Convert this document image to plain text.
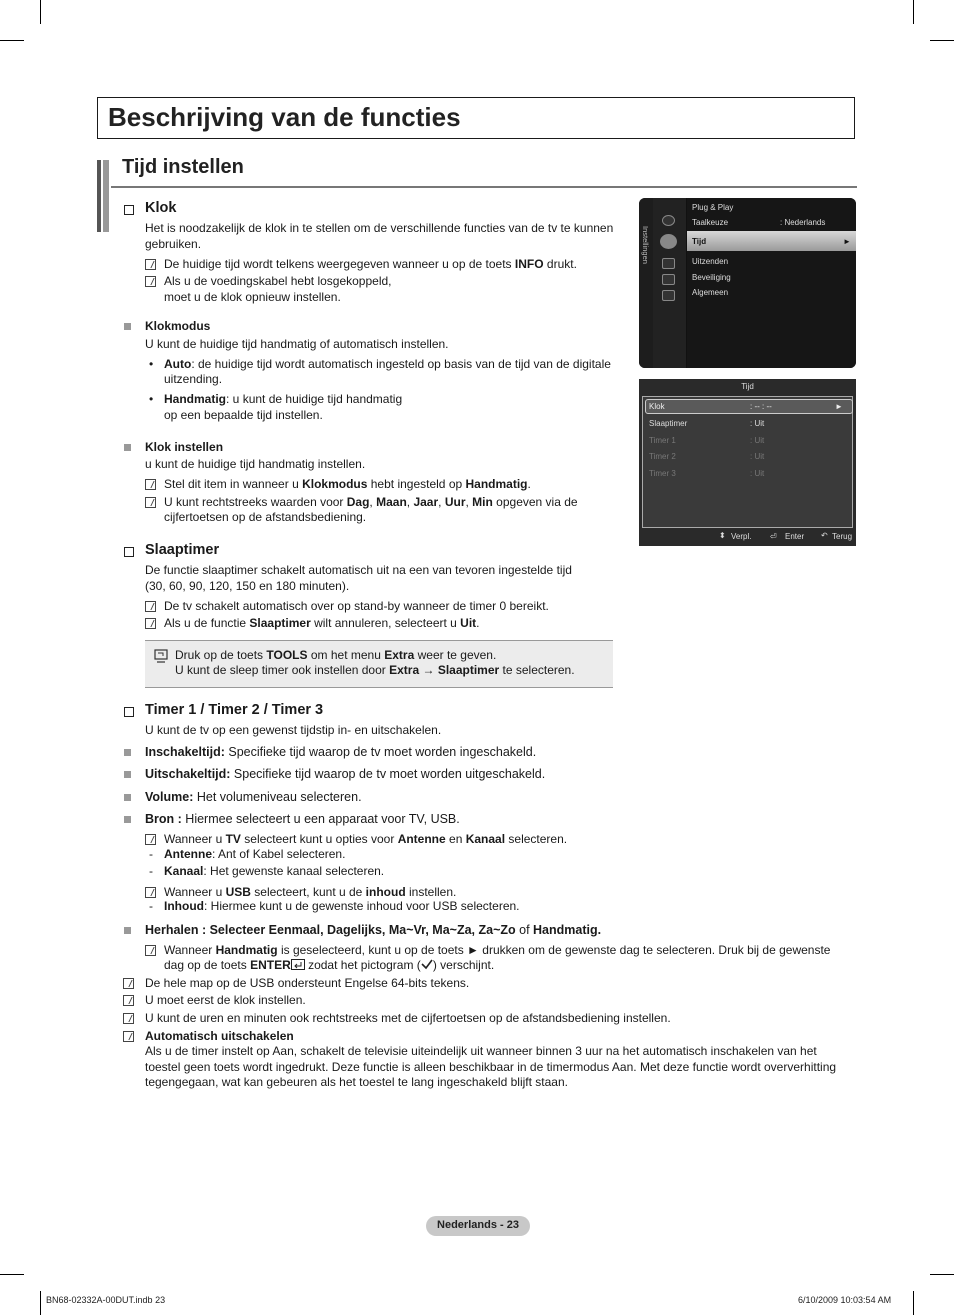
Beschrijving van de functies
Tijd instellen
Klok
Het is noodzakelijk de klok in te stellen om de verschillende functies van de tv te kunnen
gebruiken.
De huidige tijd wordt telkens weergegeven wanneer u op de toets INFO drukt.
Als u de voedingskabel hebt losgekoppeld,
moet u de klok opnieuw instellen.
Klokmodus
U kunt de huidige tijd handmatig of automatisch instellen.
• Auto: de huidige tijd wordt automatisch ingesteld op basis van de tijd van de digitale
uitzending.
• Handmatig: u kunt de huidige tijd handmatig
op een bepaalde tijd instellen.
Klok instellen
u kunt de huidige tijd handmatig instellen.
Stel dit item in wanneer u Klokmodus hebt ingesteld op Handmatig.
U kunt rechtstreeks waarden voor Dag, Maan, Jaar, Uur, Min opgeven via de
cijfertoetsen op de afstandsbediening.
Slaaptimer
De functie slaaptimer schakelt automatisch uit na een van tevoren ingestelde tijd
(30, 60, 90, 120, 150 en 180 minuten).
De tv schakelt automatisch over op stand-by wanneer de timer 0 bereikt.
Als u de functie Slaaptimer wilt annuleren, selecteert u Uit.
Druk op de toets TOOLS om het menu Extra weer te geven.
U kunt de sleep timer ook instellen door Extra → Slaaptimer te selecteren.
Timer 1 / Timer 2 / Timer 3
U kunt de tv op een gewenst tijdstip in- en uitschakelen.
Inschakeltijd: Specifieke tijd waarop de tv moet worden ingeschakeld.
Uitschakeltijd: Specifieke tijd waarop de tv moet worden uitgeschakeld.
Volume: Het volumeniveau selecteren.
Bron : Hiermee selecteert u een apparaat voor TV, USB.
Wanneer u TV selecteert kunt u opties voor Antenne en Kanaal selecteren.
- Antenne: Ant of Kabel selecteren.
- Kanaal: Het gewenste kanaal selecteren.
Wanneer u USB selecteert, kunt u de inhoud instellen.
- Inhoud: Hiermee kunt u de gewenste inhoud voor USB selecteren.
Herhalen : Selecteer Eenmaal, Dagelijks, Ma~Vr, Ma~Za, Za~Zo of Handmatig.
Wanneer Handmatig is geselecteerd, kunt u op de toets ► drukken om de gewenste dag te selecteren. Druk bij de gewenste
dag op de toets ENTER zodat het pictogram ( ) verschijnt.
De hele map op de USB ondersteunt Engelse 64-bits tekens.
U moet eerst de klok instellen.
U kunt de uren en minuten ook rechtstreeks met de cijfertoetsen op de afstandsbediening instellen.
Automatisch uitschakelen
Als u de timer instelt op Aan, schakelt de televisie uiteindelijk uit wanneer binnen 3 uur na het automatisch inschakelen van het
toestel geen toets wordt ingedrukt. Deze functie is alleen beschikbaar in de timermodus Aan. Met deze functie wordt oververhitting
tegengegaan, wat kan gebeuren als het toestel te lang ingeschakeld blijft staan.
Instellingen
Plug & Play
Taalkeuze	: Nederlands
Tijd	►
Uitzenden
Beveiliging
Algemeen
Tijd
Klok	: -- : --	►
Slaaptimer	: Uit
Timer 1	: Uit
Timer 2	: Uit
Timer 3	: Uit
⬍ Verpl. ⏎ Enter ↶ Terug
Nederlands - 23
BN68-02332A-00DUT.indb 23	6/10/2009 10:03:54 AM
